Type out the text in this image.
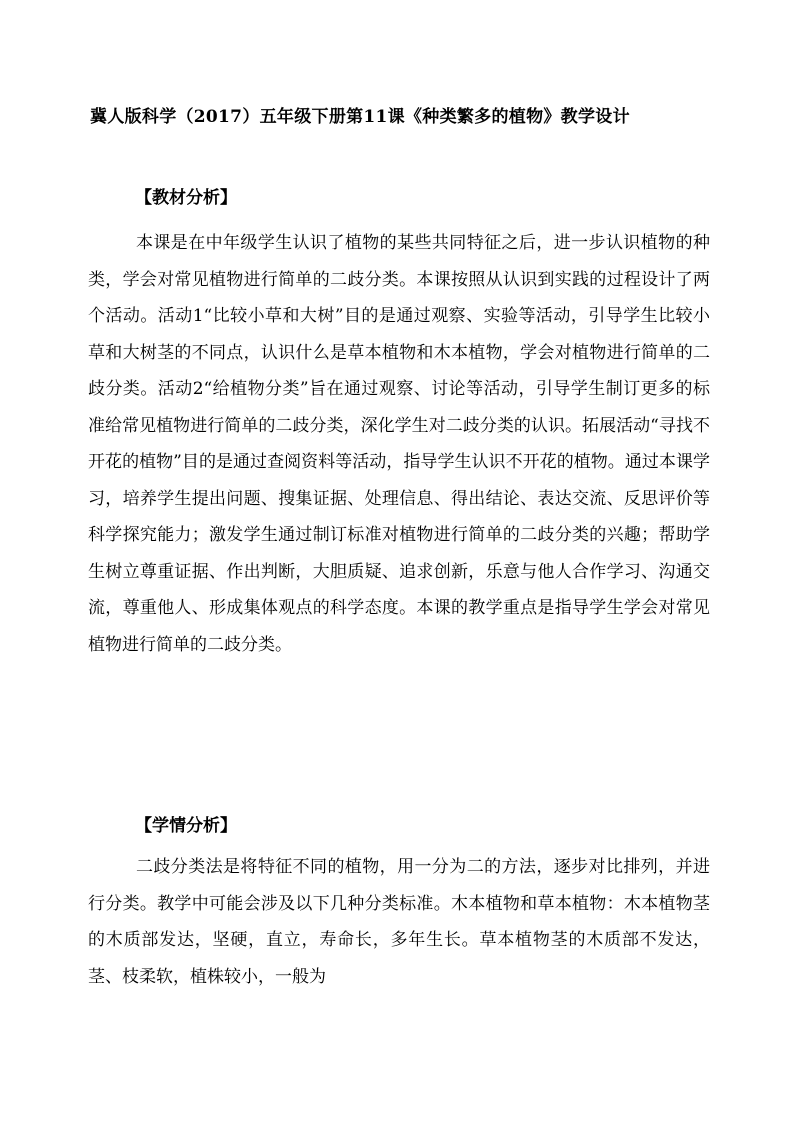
冀人版科学（2017）五年级下册第11课《种类繁多的植物》教学设计
【教材分析】

本课是在中年级学生认识了植物的某些共同特征之后，进一步认识植物的种类，学会对常见植物进行简单的二歧分类。本课按照从认识到实践的过程设计了两个活动。活动1“比较小草和大树”目的是通过观察、实验等活动，引导学生比较小草和大树茎的不同点，认识什么是草本植物和木本植物，学会对植物进行简单的二歧分类。活动2“给植物分类”旨在通过观察、讨论等活动，引导学生制订更多的标准给常见植物进行简单的二歧分类，深化学生对二歧分类的认识。拓展活动“寻找不开花的植物”目的是通过查阅资料等活动，指导学生认识不开花的植物。通过本课学习，培养学生提出问题、搜集证据、处理信息、得出结论、表达交流、反思评价等科学探究能力；激发学生通过制订标准对植物进行简单的二歧分类的兴趣；帮助学生树立尊重证据、作出判断，大胆质疑、追求创新，乐意与他人合作学习、沟通交流，尊重他人、形成集体观点的科学态度。本课的教学重点是指导学生学会对常见植物进行简单的二歧分类。

【学情分析】

二歧分类法是将特征不同的植物，用一分为二的方法，逐步对比排列，并进行分类。教学中可能会涉及以下几种分类标准。木本植物和草本植物：木本植物茎的木质部发达，坚硬，直立，寿命长，多年生长。草本植物茎的木质部不发达，茎、枝柔软，植株较小，一般为
